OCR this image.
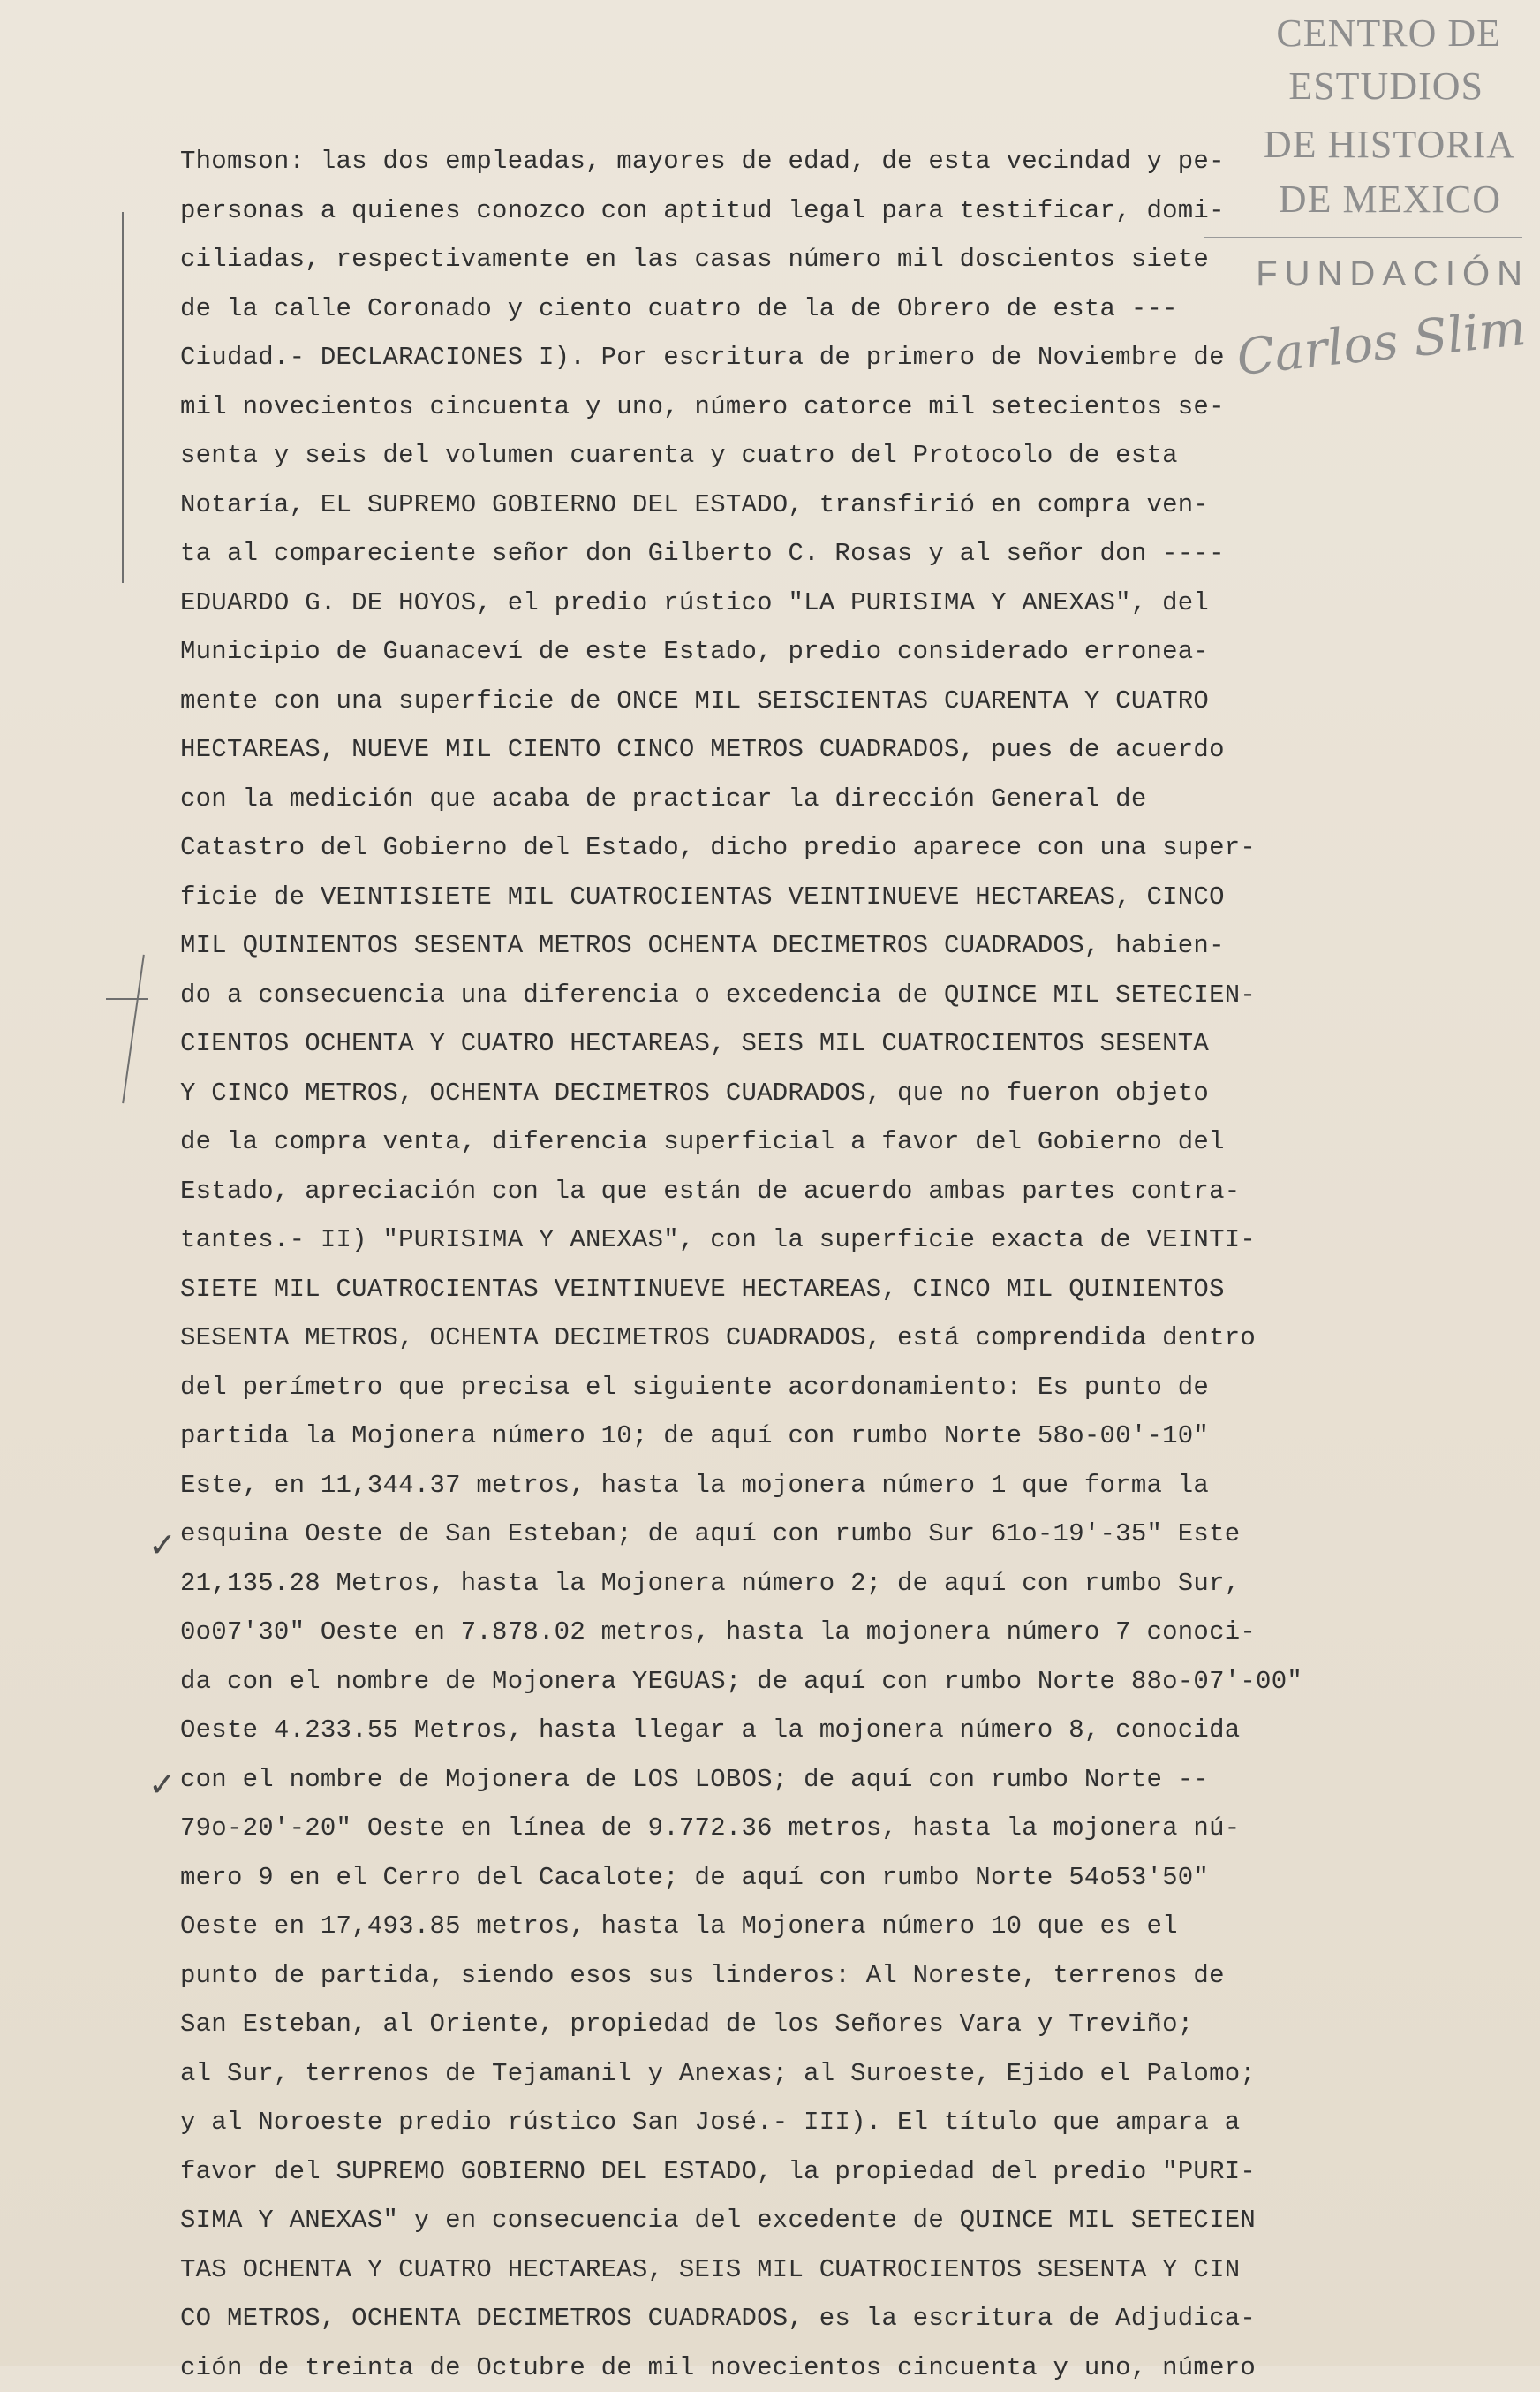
CENTRO DE
ESTUDIOS
DE HISTORIA
DE MEXICO
FUNDACIÓN
Carlos Slim
✓
✓
Thomson: las dos empleadas, mayores de edad, de esta vecindad y pe-
personas a quienes conozco con aptitud legal para testificar, domi-
ciliadas, respectivamente en las casas número mil doscientos siete
de la calle Coronado y ciento cuatro de la de Obrero de esta ---
Ciudad.- DECLARACIONES I). Por escritura de primero de Noviembre de
mil novecientos cincuenta y uno, número catorce mil setecientos se-
senta y seis del volumen cuarenta y cuatro del Protocolo de esta
Notaría, EL SUPREMO GOBIERNO DEL ESTADO, transfirió en compra ven-
ta al compareciente señor don Gilberto C. Rosas y al señor don ----
EDUARDO G. DE HOYOS, el predio rústico "LA PURISIMA Y ANEXAS", del
Municipio de Guanaceví de este Estado, predio considerado erronea-
mente con una superficie de ONCE MIL SEISCIENTAS CUARENTA Y CUATRO
HECTAREAS, NUEVE MIL CIENTO CINCO METROS CUADRADOS, pues de acuerdo
con la medición que acaba de practicar la dirección General de
Catastro del Gobierno del Estado, dicho predio aparece con una super-
ficie de VEINTISIETE MIL CUATROCIENTAS VEINTINUEVE HECTAREAS, CINCO
MIL QUINIENTOS SESENTA METROS OCHENTA DECIMETROS CUADRADOS, habien-
do a consecuencia una diferencia o excedencia de QUINCE MIL SETECIEN-
CIENTOS OCHENTA Y CUATRO HECTAREAS, SEIS MIL CUATROCIENTOS SESENTA
Y CINCO METROS, OCHENTA DECIMETROS CUADRADOS, que no fueron objeto
de la compra venta, diferencia superficial a favor del Gobierno del
Estado, apreciación con la que están de acuerdo ambas partes contra-
tantes.- II) "PURISIMA Y ANEXAS", con la superficie exacta de VEINTI-
SIETE MIL CUATROCIENTAS VEINTINUEVE HECTAREAS, CINCO MIL QUINIENTOS
SESENTA METROS, OCHENTA DECIMETROS CUADRADOS, está comprendida dentro
del perímetro que precisa el siguiente acordonamiento: Es punto de
partida la Mojonera número 10; de aquí con rumbo Norte 58o-00'-10"
Este, en 11,344.37 metros, hasta la mojonera número 1 que forma la
esquina Oeste de San Esteban; de aquí con rumbo Sur 61o-19'-35" Este
21,135.28 Metros, hasta la Mojonera número 2; de aquí con rumbo Sur,
0o07'30" Oeste en 7.878.02 metros, hasta la mojonera número 7 conoci-
da con el nombre de Mojonera YEGUAS; de aquí con rumbo Norte 88o-07'-00"
Oeste 4.233.55 Metros, hasta llegar a la mojonera número 8, conocida
con el nombre de Mojonera de LOS LOBOS; de aquí con rumbo Norte --
79o-20'-20" Oeste en línea de 9.772.36 metros, hasta la mojonera nú-
mero 9 en el Cerro del Cacalote; de aquí con rumbo Norte 54o53'50"
Oeste en 17,493.85 metros, hasta la Mojonera número 10 que es el
punto de partida, siendo esos sus linderos: Al Noreste, terrenos de
San Esteban, al Oriente, propiedad de los Señores Vara y Treviño;
al Sur, terrenos de Tejamanil y Anexas; al Suroeste, Ejido el Palomo;
y al Noroeste predio rústico San José.- III). El título que ampara a
favor del SUPREMO GOBIERNO DEL ESTADO, la propiedad del predio "PURI-
SIMA Y ANEXAS" y en consecuencia del excedente de QUINCE MIL SETECIEN
TAS OCHENTA Y CUATRO HECTAREAS, SEIS MIL CUATROCIENTOS SESENTA Y CIN
CO METROS, OCHENTA DECIMETROS CUADRADOS, es la escritura de Adjudica-
ción de treinta de Octubre de mil novecientos cincuenta y uno, número
